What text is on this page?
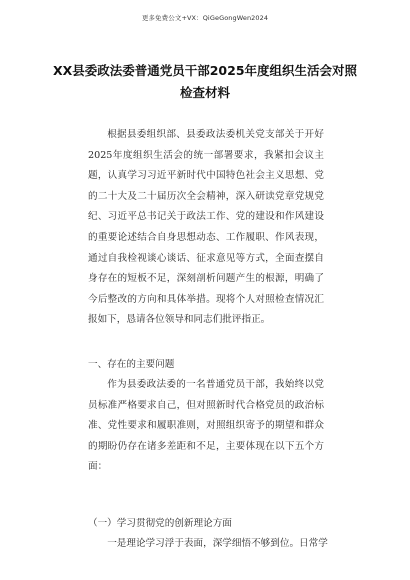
更多免费公文+VX：QiGeGongWen2024
XX县委政法委普通党员干部2025年度组织生活会对照检查材料

根据县委组织部、县委政法委机关党支部关于开好2025年度组织生活会的统一部署要求，我紧扣会议主题，认真学习习近平新时代中国特色社会主义思想、党的二十大及二十届历次全会精神，深入研读党章党规党纪、习近平总书记关于政法工作、党的建设和作风建设的重要论述结合自身思想动态、工作履职、作风表现，通过自我检视谈心谈话、征求意见等方式，全面查摆自身存在的短板不足，深刻剖析问题产生的根源，明确了今后整改的方向和具体举措。现将个人对照检查情况汇报如下，恳请各位领导和同志们批评指正。

一、存在的主要问题

作为县委政法委的一名普通党员干部，我始终以党员标准严格要求自己，但对照新时代合格党员的政治标准、党性要求和履职准则，对照组织寄予的期望和群众的期盼仍存在诸多差距和不足，主要体现在以下五个方面：

（一）学习贯彻党的创新理论方面

一是理论学习浮于表面，深学细悟不够到位。日常学
